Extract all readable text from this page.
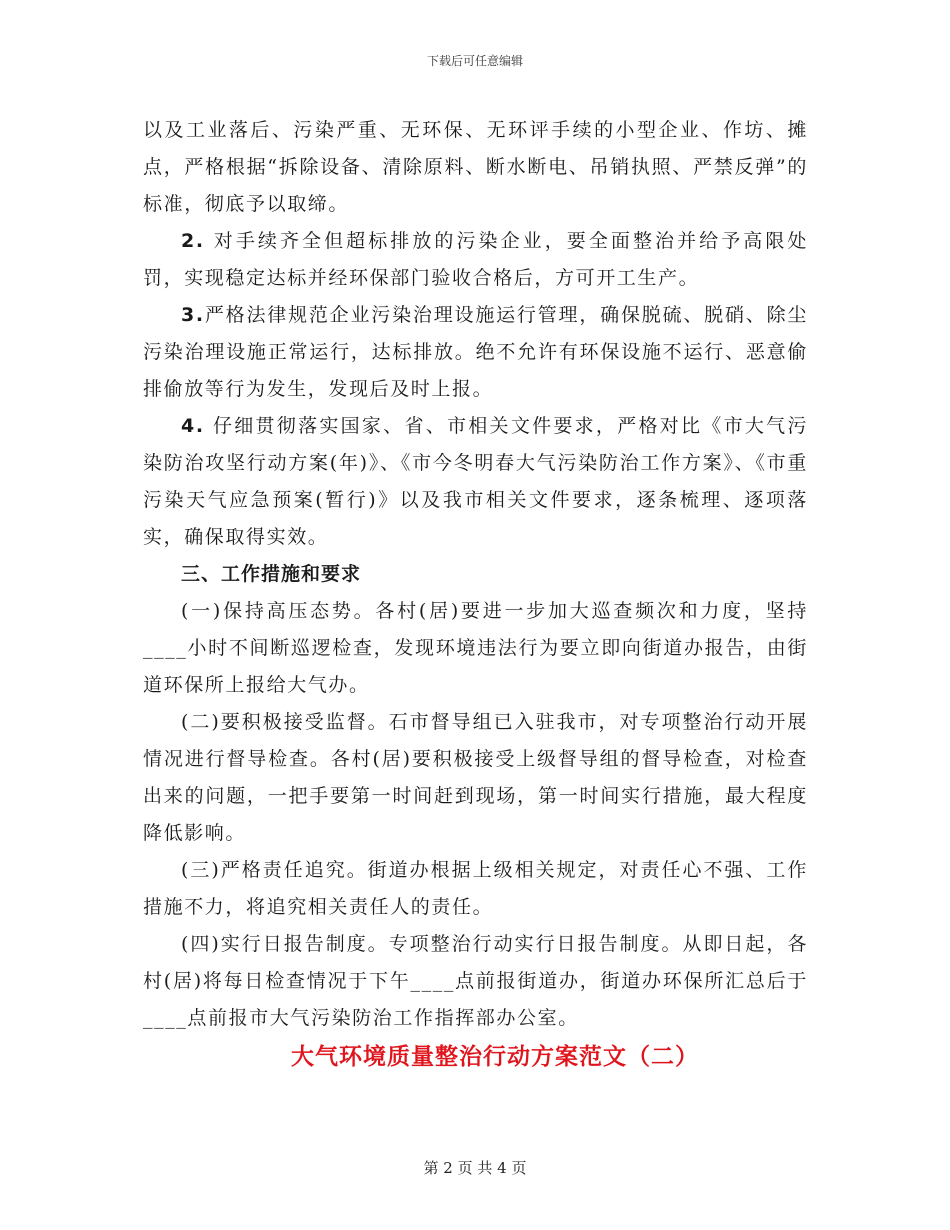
下载后可任意编辑

以及工业落后、污染严重、无环保、无环评手续的小型企业、作坊、摊点，严格根据“拆除设备、清除原料、断水断电、吊销执照、严禁反弹”的标准，彻底予以取缔。

2. 对手续齐全但超标排放的污染企业，要全面整治并给予高限处罚，实现稳定达标并经环保部门验收合格后，方可开工生产。

3.严格法律规范企业污染治理设施运行管理，确保脱硫、脱硝、除尘污染治理设施正常运行，达标排放。绝不允许有环保设施不运行、恶意偷排偷放等行为发生，发现后及时上报。

4. 仔细贯彻落实国家、省、市相关文件要求，严格对比《市大气污染防治攻坚行动方案(年)》、《市今冬明春大气污染防治工作方案》、《市重污染天气应急预案(暂行)》以及我市相关文件要求，逐条梳理、逐项落实，确保取得实效。

三、工作措施和要求

(一)保持高压态势。各村(居)要进一步加大巡查频次和力度，坚持____小时不间断巡逻检查，发现环境违法行为要立即向街道办报告，由街道环保所上报给大气办。

(二)要积极接受监督。石市督导组已入驻我市，对专项整治行动开展情况进行督导检查。各村(居)要积极接受上级督导组的督导检查，对检查出来的问题，一把手要第一时间赶到现场，第一时间实行措施，最大程度降低影响。

(三)严格责任追究。街道办根据上级相关规定，对责任心不强、工作措施不力，将追究相关责任人的责任。

(四)实行日报告制度。专项整治行动实行日报告制度。从即日起，各村(居)将每日检查情况于下午____点前报街道办，街道办环保所汇总后于____点前报市大气污染防治工作指挥部办公室。

大气环境质量整治行动方案范文（二）
第 2 页 共 4 页
